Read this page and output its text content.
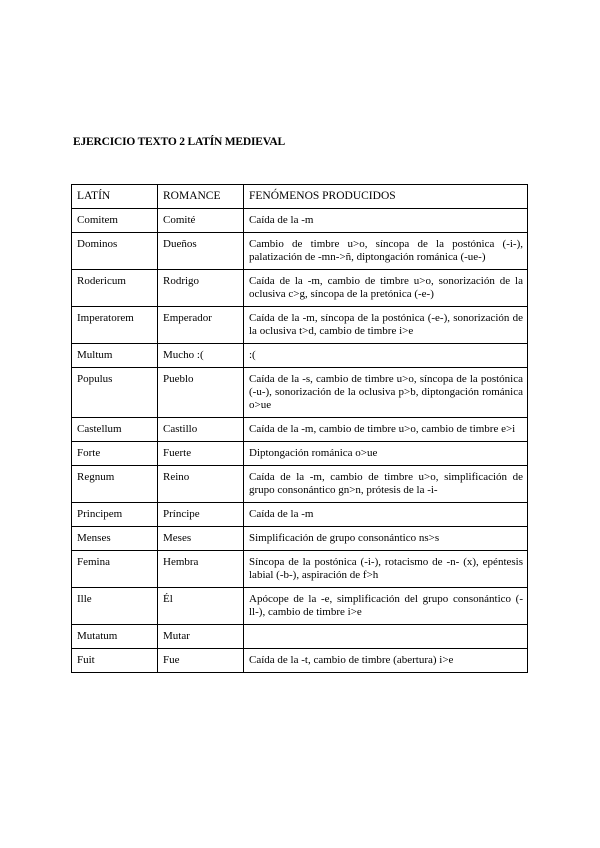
EJERCICIO TEXTO 2 LATÍN MEDIEVAL
LATÍN	ROMANCE	FENÓMENOS PRODUCIDOS
Comitem	Comité	Caída de la -m
Dominos	Dueños	Cambio de timbre u>o, síncopa de la postónica (-i-), palatización de -mn->ñ, diptongación románica (-ue-)
Rodericum	Rodrigo	Caída de la -m, cambio de timbre u>o, sonorización de la oclusiva c>g, síncopa de la pretónica (-e-)
Imperatorem	Emperador	Caída de la -m, síncopa de la postónica (-e-), sonorización de la oclusiva t>d, cambio de timbre i>e
Multum	Mucho :(	:(
Populus	Pueblo	Caída de la -s, cambio de timbre u>o, síncopa de la postónica (-u-), sonorización de la oclusiva p>b, diptongación románica o>ue
Castellum	Castillo	Caída de la -m, cambio de timbre u>o, cambio de timbre e>i
Forte	Fuerte	Diptongación románica o>ue
Regnum	Reino	Caída de la -m, cambio de timbre u>o, simplificación de grupo consonántico gn>n, prótesis de la -i-
Principem	Príncipe	Caída de la -m
Menses	Meses	Simplificación de grupo consonántico ns>s
Femina	Hembra	Síncopa de la postónica (-i-), rotacismo de -n- (x), epéntesis labial (-b-), aspiración de f>h
Ille	Él	Apócope de la -e, simplificación del grupo consonántico (-ll-), cambio de timbre i>e
Mutatum	Mutar	
Fuit	Fue	Caída de la -t, cambio de timbre (abertura) i>e
